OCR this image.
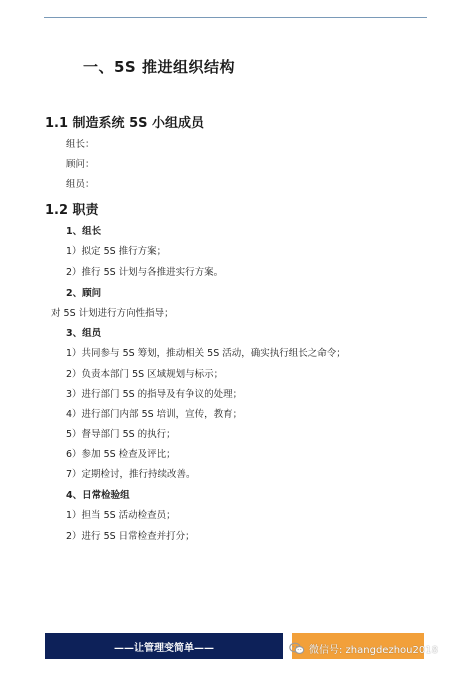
一、5S 推进组织结构
1.1 制造系统 5S 小组成员
组长：
顾问：
组员：
1.2 职责
1、组长
1）拟定 5S 推行方案；
2）推行 5S 计划与各推进实行方案。
2、顾问
对 5S 计划进行方向性指导；
3、组员
1）共同参与 5S 筹划，推动相关 5S 活动，确实执行组长之命令；
2）负责本部门 5S 区域规划与标示；
3）进行部门 5S 的指导及有争议的处理；
4）进行部门内部 5S 培训，宣传，教育；
5）督导部门 5S 的执行；
6）参加 5S 检查及评比；
7）定期检讨，推行持续改善。
4、日常检验组
1）担当 5S 活动检查员；
2）进行 5S 日常检查并打分；
——让管理变简单——	微信号: zhangdezhou2018
